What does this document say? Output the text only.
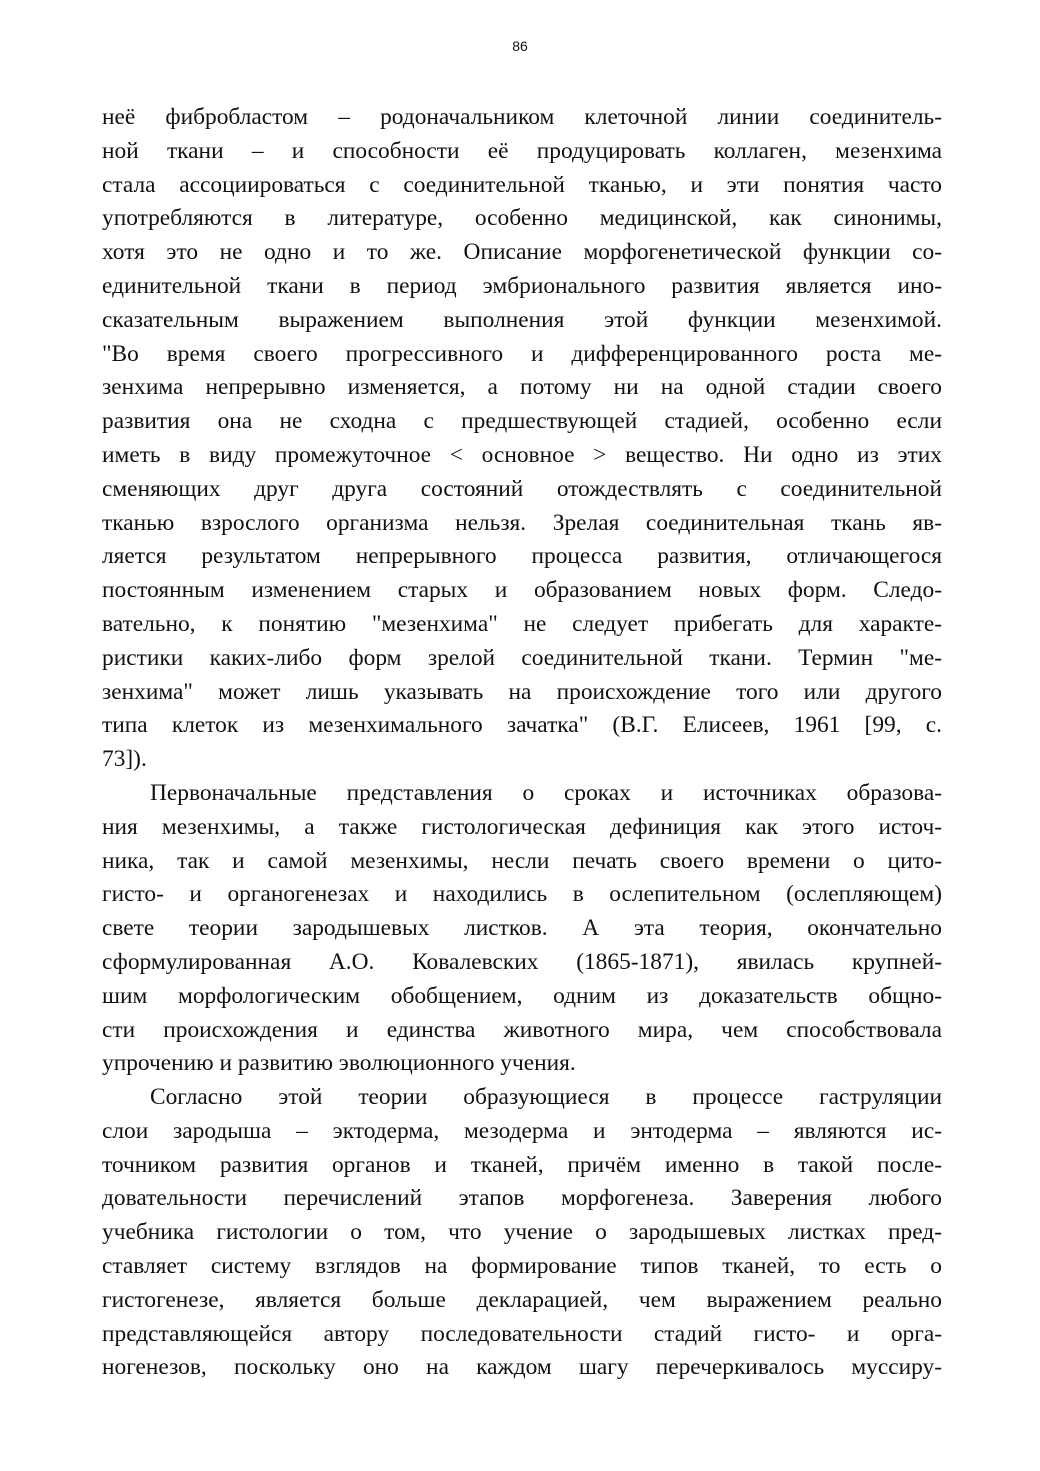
86
неё фибробластом – родоначальником клеточной линии соединитель-
ной ткани – и способности её продуцировать коллаген, мезенхима
стала ассоциироваться с соединительной тканью, и эти понятия часто
употребляются в литературе, особенно медицинской, как синонимы,
хотя это не одно и то же. Описание морфогенетической функции со-
единительной ткани в период эмбрионального развития является ино-
сказательным выражением выполнения этой функции мезенхимой.
"Во время своего прогрессивного и дифференцированного роста ме-
зенхима непрерывно изменяется, а потому ни на одной стадии своего
развития она не сходна с предшествующей стадией, особенно если
иметь в виду промежуточное < основное > вещество. Ни одно из этих
сменяющих друг друга состояний отождествлять с соединительной
тканью взрослого организма нельзя. Зрелая соединительная ткань яв-
ляется результатом непрерывного процесса развития, отличающегося
постоянным изменением старых и образованием новых форм. Следо-
вательно, к понятию "мезенхима" не следует прибегать для характе-
ристики каких-либо форм зрелой соединительной ткани. Термин "ме-
зенхима" может лишь указывать на происхождение того или другого
типа клеток из мезенхимального зачатка" (В.Г. Елисеев, 1961 [99, с.
73]).
Первоначальные представления о сроках и источниках образова-
ния мезенхимы, а также гистологическая дефиниция как этого источ-
ника, так и самой мезенхимы, несли печать своего времени о цито-
гисто- и органогенезах и находились в ослепительном (ослепляющем)
свете теории зародышевых листков. А эта теория, окончательно
сформулированная А.О. Ковалевских (1865-1871), явилась крупней-
шим морфологическим обобщением, одним из доказательств общно-
сти происхождения и единства животного мира, чем способствовала
упрочению и развитию эволюционного учения.
Согласно этой теории образующиеся в процессе гаструляции
слои зародыша – эктодерма, мезодерма и энтодерма – являются ис-
точником развития органов и тканей, причём именно в такой после-
довательности перечислений этапов морфогенеза. Заверения любого
учебника гистологии о том, что учение о зародышевых листках пред-
ставляет систему взглядов на формирование типов тканей, то есть о
гистогенезе, является больше декларацией, чем выражением реально
представляющейся автору последовательности стадий гисто- и орга-
ногенезов, поскольку оно на каждом шагу перечеркивалось муссиру-
